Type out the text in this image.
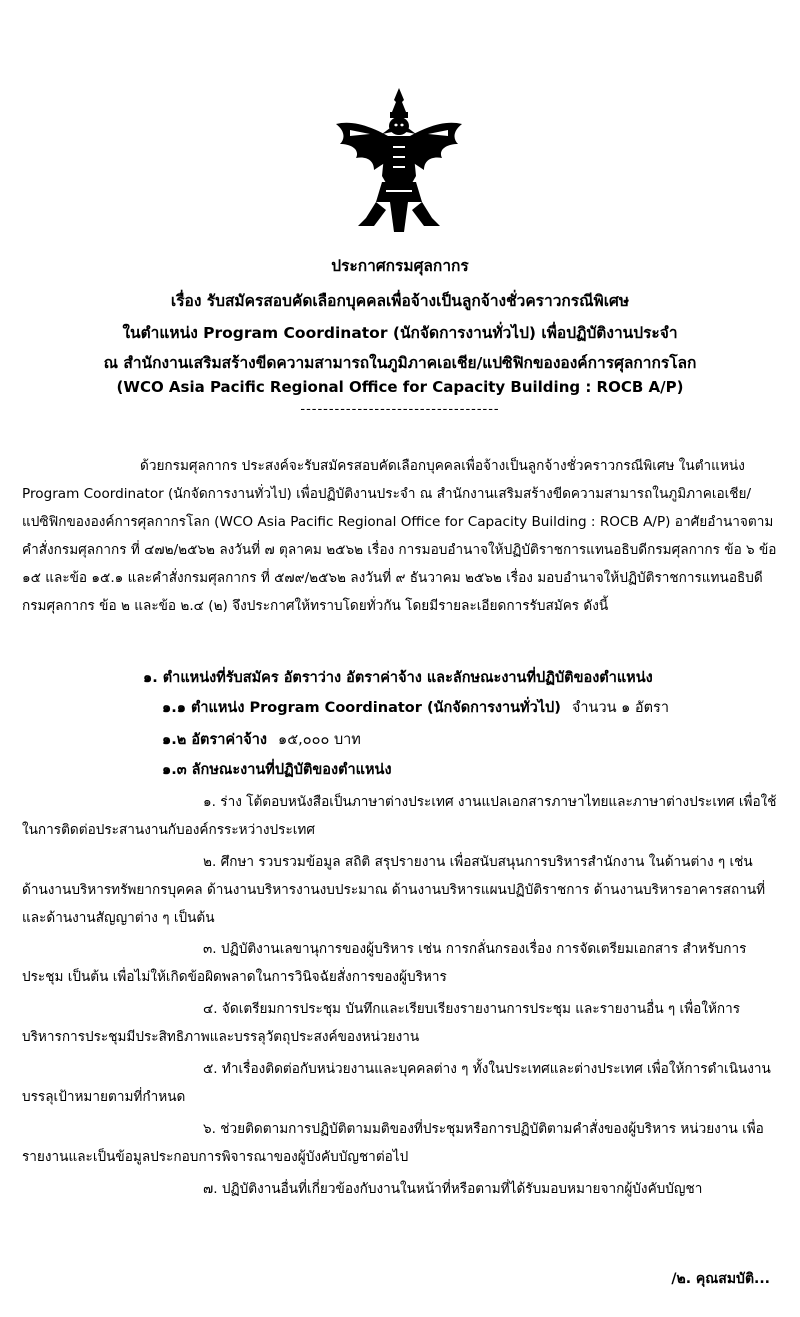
ประกาศกรมศุลกากร
เรื่อง รับสมัครสอบคัดเลือกบุคคลเพื่อจ้างเป็นลูกจ้างชั่วคราวกรณีพิเศษ
ในตำแหน่ง Program Coordinator (นักจัดการงานทั่วไป) เพื่อปฏิบัติงานประจำ
ณ สำนักงานเสริมสร้างขีดความสามารถในภูมิภาคเอเชีย/แปซิฟิกขององค์การศุลกากรโลก
(WCO Asia Pacific Regional Office for Capacity Building : ROCB A/P)
-----------------------------------

ด้วยกรมศุลกากร ประสงค์จะรับสมัครสอบคัดเลือกบุคคลเพื่อจ้างเป็นลูกจ้างชั่วคราวกรณีพิเศษ ในตำแหน่ง Program Coordinator (นักจัดการงานทั่วไป) เพื่อปฏิบัติงานประจำ ณ สำนักงานเสริมสร้างขีดความสามารถในภูมิภาคเอเชีย/แปซิฟิกขององค์การศุลกากรโลก (WCO Asia Pacific Regional Office for Capacity Building : ROCB A/P) อาศัยอำนาจตามคำสั่งกรมศุลกากร ที่ ๔๗๒/๒๕๖๒ ลงวันที่ ๗ ตุลาคม ๒๕๖๒ เรื่อง การมอบอำนาจให้ปฏิบัติราชการแทนอธิบดีกรมศุลกากร ข้อ ๖ ข้อ ๑๕ และข้อ ๑๕.๑ และคำสั่งกรมศุลกากร ที่ ๕๗๙/๒๕๖๒ ลงวันที่ ๙ ธันวาคม ๒๕๖๒ เรื่อง มอบอำนาจให้ปฏิบัติราชการแทนอธิบดีกรมศุลกากร ข้อ ๒ และข้อ ๒.๔ (๒) จึงประกาศให้ทราบโดยทั่วกัน โดยมีรายละเอียดการรับสมัคร ดังนี้

๑. ตำแหน่งที่รับสมัคร อัตราว่าง อัตราค่าจ้าง และลักษณะงานที่ปฏิบัติของตำแหน่ง
๑.๑ ตำแหน่ง Program Coordinator (นักจัดการงานทั่วไป) จำนวน ๑ อัตรา
๑.๒ อัตราค่าจ้าง ๑๕,๐๐๐ บาท
๑.๓ ลักษณะงานที่ปฏิบัติของตำแหน่ง

๑. ร่าง โต้ตอบหนังสือเป็นภาษาต่างประเทศ งานแปลเอกสารภาษาไทยและภาษาต่างประเทศ เพื่อใช้ในการติดต่อประสานงานกับองค์กรระหว่างประเทศ

๒. ศึกษา รวบรวมข้อมูล สถิติ สรุปรายงาน เพื่อสนับสนุนการบริหารสำนักงาน ในด้านต่าง ๆ เช่น ด้านงานบริหารทรัพยากรบุคคล ด้านงานบริหารงานงบประมาณ ด้านงานบริหารแผนปฏิบัติราชการ ด้านงานบริหารอาคารสถานที่ และด้านงานสัญญาต่าง ๆ เป็นต้น

๓. ปฏิบัติงานเลขานุการของผู้บริหาร เช่น การกลั่นกรองเรื่อง การจัดเตรียมเอกสาร สำหรับการประชุม เป็นต้น เพื่อไม่ให้เกิดข้อผิดพลาดในการวินิจฉัยสั่งการของผู้บริหาร

๔. จัดเตรียมการประชุม บันทึกและเรียบเรียงรายงานการประชุม และรายงานอื่น ๆ เพื่อให้การบริหารการประชุมมีประสิทธิภาพและบรรลุวัตถุประสงค์ของหน่วยงาน

๕. ทำเรื่องติดต่อกับหน่วยงานและบุคคลต่าง ๆ ทั้งในประเทศและต่างประเทศ เพื่อให้การดำเนินงานบรรลุเป้าหมายตามที่กำหนด

๖. ช่วยติดตามการปฏิบัติตามมติของที่ประชุมหรือการปฏิบัติตามคำสั่งของผู้บริหาร หน่วยงาน เพื่อรายงานและเป็นข้อมูลประกอบการพิจารณาของผู้บังคับบัญชาต่อไป

๗. ปฏิบัติงานอื่นที่เกี่ยวข้องกับงานในหน้าที่หรือตามที่ได้รับมอบหมายจากผู้บังคับบัญชา

/๒. คุณสมบัติ...
